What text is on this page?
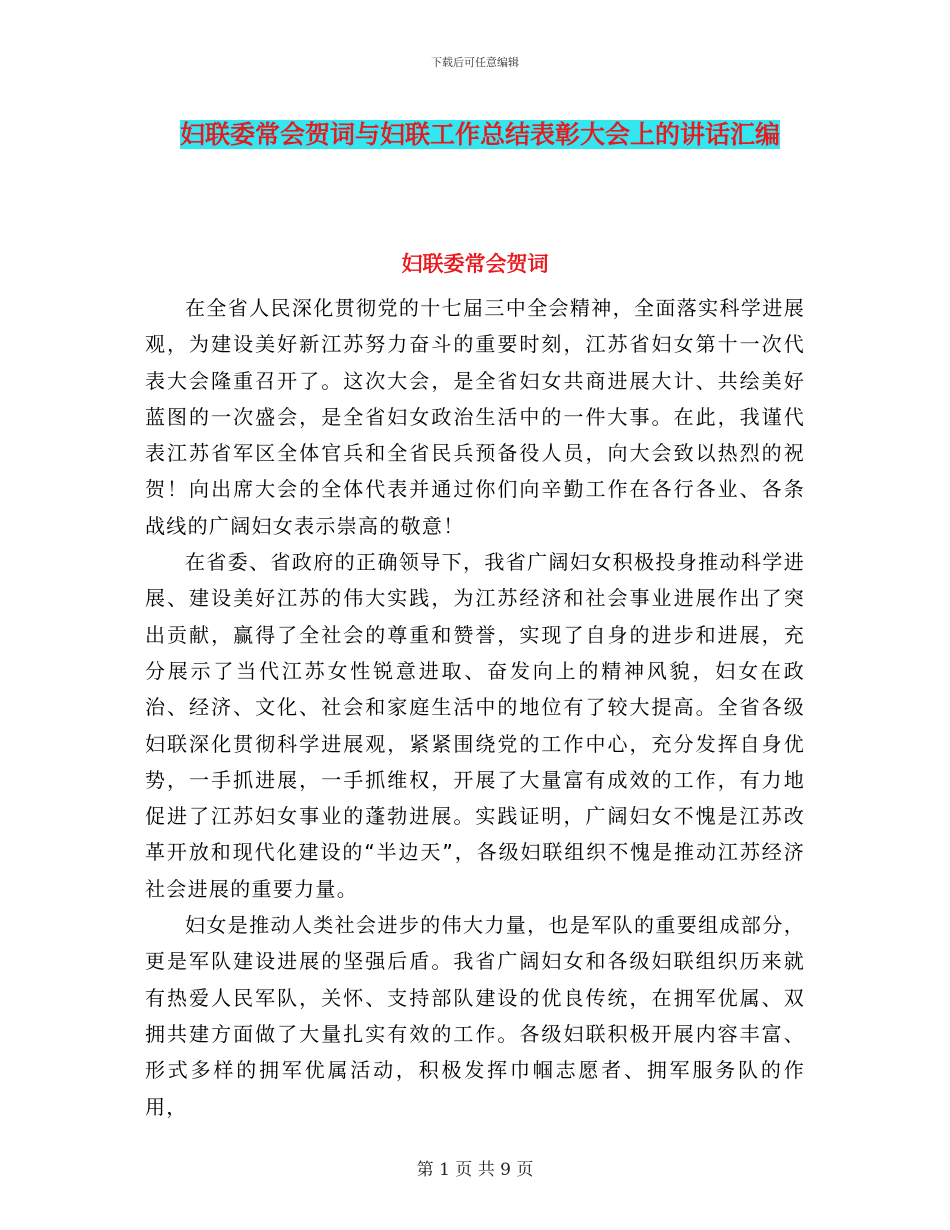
下载后可任意编辑
妇联委常会贺词与妇联工作总结表彰大会上的讲话汇编
妇联委常会贺词

在全省人民深化贯彻党的十七届三中全会精神，全面落实科学进展观，为建设美好新江苏努力奋斗的重要时刻，江苏省妇女第十一次代表大会隆重召开了。这次大会，是全省妇女共商进展大计、共绘美好蓝图的一次盛会，是全省妇女政治生活中的一件大事。在此，我谨代表江苏省军区全体官兵和全省民兵预备役人员，向大会致以热烈的祝贺！向出席大会的全体代表并通过你们向辛勤工作在各行各业、各条战线的广阔妇女表示崇高的敬意！

在省委、省政府的正确领导下，我省广阔妇女积极投身推动科学进展、建设美好江苏的伟大实践，为江苏经济和社会事业进展作出了突出贡献，赢得了全社会的尊重和赞誉，实现了自身的进步和进展，充分展示了当代江苏女性锐意进取、奋发向上的精神风貌，妇女在政治、经济、文化、社会和家庭生活中的地位有了较大提高。全省各级妇联深化贯彻科学进展观，紧紧围绕党的工作中心，充分发挥自身优势，一手抓进展，一手抓维权，开展了大量富有成效的工作，有力地促进了江苏妇女事业的蓬勃进展。实践证明，广阔妇女不愧是江苏改革开放和现代化建设的“半边天”，各级妇联组织不愧是推动江苏经济社会进展的重要力量。

妇女是推动人类社会进步的伟大力量，也是军队的重要组成部分，更是军队建设进展的坚强后盾。我省广阔妇女和各级妇联组织历来就有热爱人民军队，关怀、支持部队建设的优良传统，在拥军优属、双拥共建方面做了大量扎实有效的工作。各级妇联积极开展内容丰富、形式多样的拥军优属活动，积极发挥巾帼志愿者、拥军服务队的作用，

第 1 页 共 9 页
